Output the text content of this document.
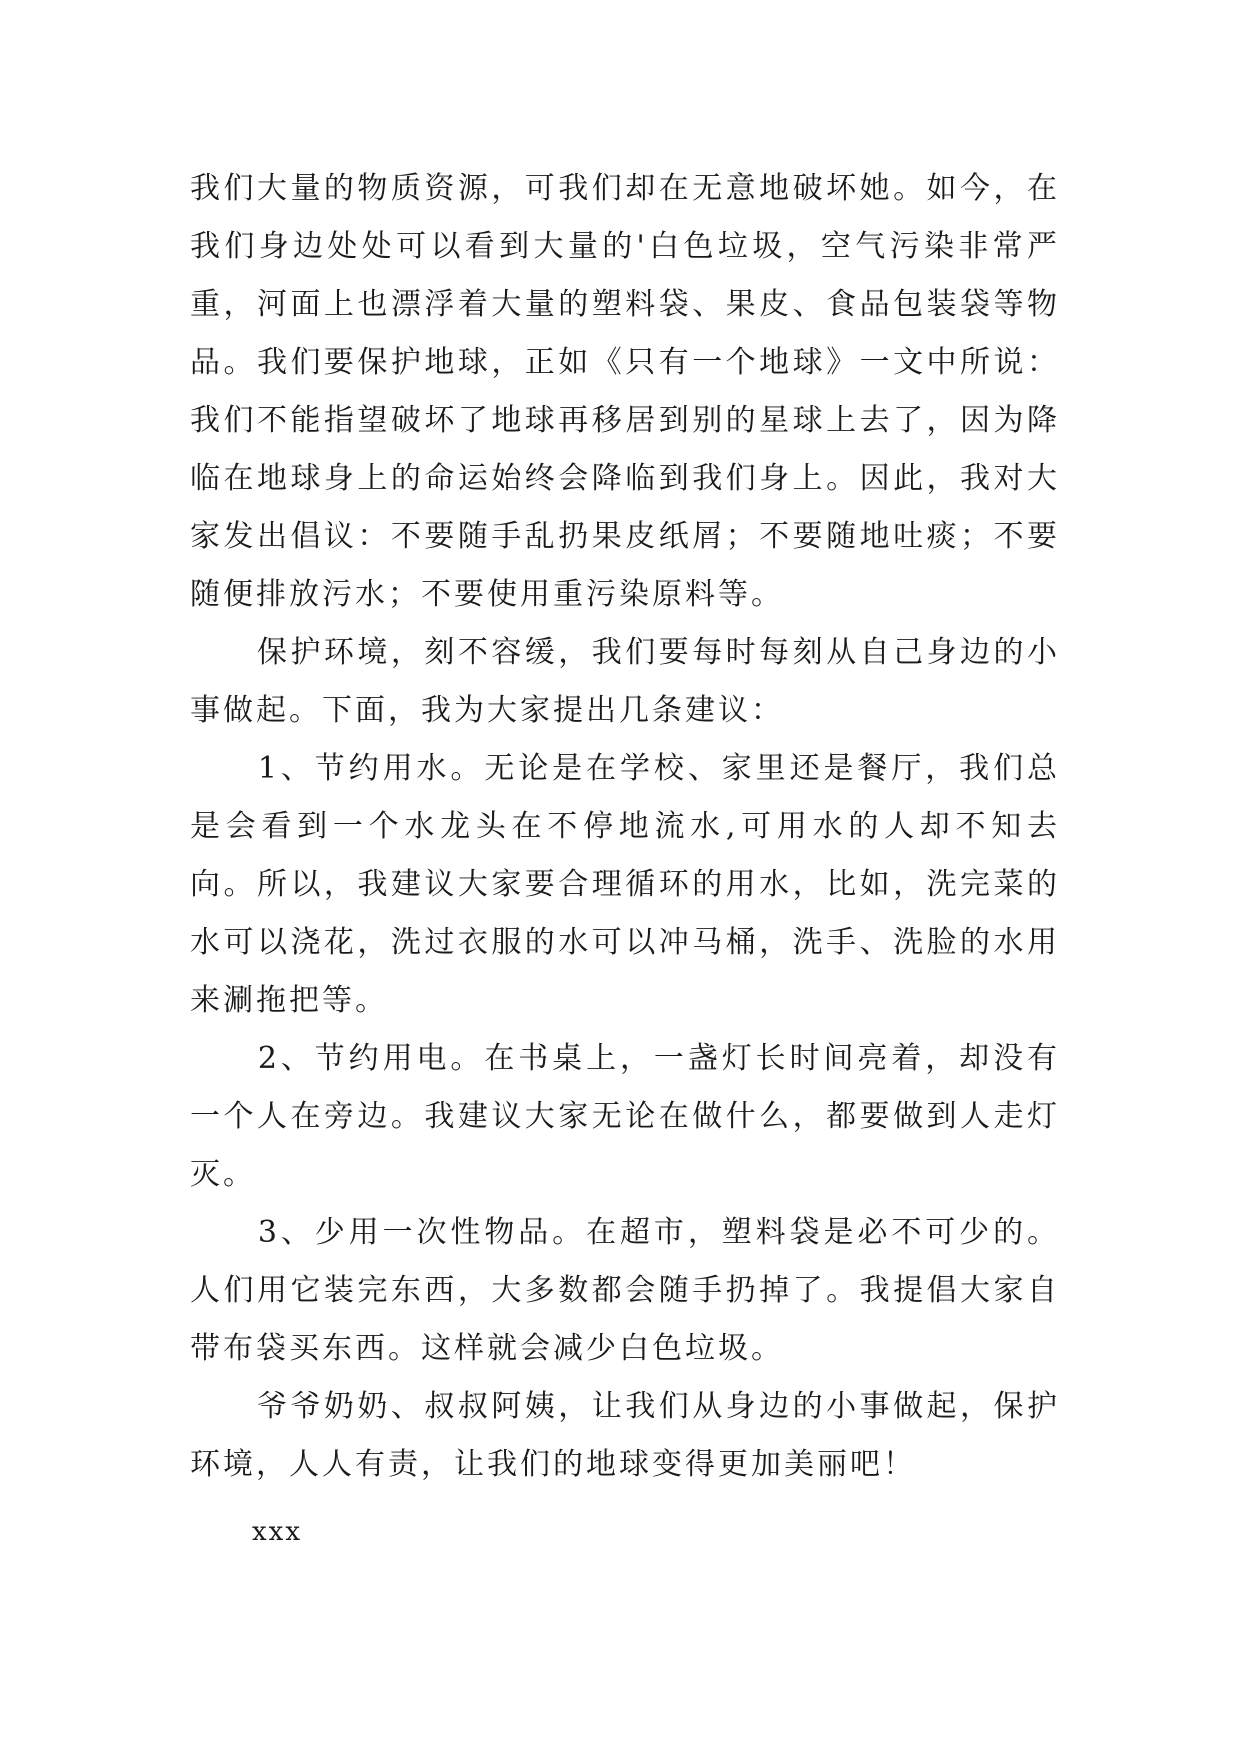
我们大量的物质资源，可我们却在无意地破坏她。如今，在我们身边处处可以看到大量的'白色垃圾，空气污染非常严重，河面上也漂浮着大量的塑料袋、果皮、食品包装袋等物品。我们要保护地球，正如《只有一个地球》一文中所说：我们不能指望破坏了地球再移居到别的星球上去了，因为降临在地球身上的命运始终会降临到我们身上。因此，我对大家发出倡议：不要随手乱扔果皮纸屑；不要随地吐痰；不要随便排放污水；不要使用重污染原料等。

　　保护环境，刻不容缓，我们要每时每刻从自己身边的小事做起。下面，我为大家提出几条建议：

　　1、节约用水。无论是在学校、家里还是餐厅，我们总是会看到一个水龙头在不停地流水,可用水的人却不知去向。所以，我建议大家要合理循环的用水，比如，洗完菜的水可以浇花，洗过衣服的水可以冲马桶，洗手、洗脸的水用来涮拖把等。

　　2、节约用电。在书桌上，一盏灯长时间亮着，却没有一个人在旁边。我建议大家无论在做什么，都要做到人走灯灭。

　　3、少用一次性物品。在超市，塑料袋是必不可少的。人们用它装完东西，大多数都会随手扔掉了。我提倡大家自带布袋买东西。这样就会减少白色垃圾。

　　爷爷奶奶、叔叔阿姨，让我们从身边的小事做起，保护环境，人人有责，让我们的地球变得更加美丽吧！

xxx
